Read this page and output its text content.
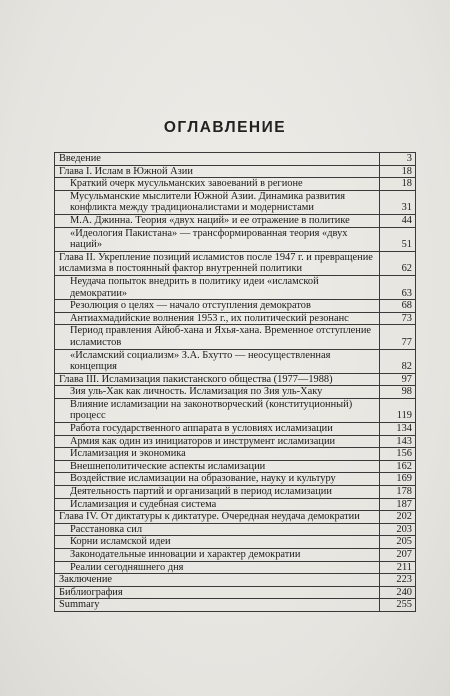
ОГЛАВЛЕНИЕ
Введение	3
Глава I. Ислам в Южной Азии	18
Краткий очерк мусульманских завоеваний в регионе	18
Мусульманские мыслители Южной Азии. Динамика развития конфликта между традиционалистами и модернистами	31
М.А. Джинна. Теория «двух наций» и ее отражение в политике	44
«Идеология Пакистана» — трансформированная теория «двух наций»	51
Глава II. Укрепление позиций исламистов после 1947 г. и превращение исламизма в постоянный фактор внутренней политики	62
Неудача попыток внедрить в политику идеи «исламской демократии»	63
Резолюция о целях — начало отступления демократов	68
Антиахмадийские волнения 1953 г., их политический резонанс	73
Период правления Айюб-хана и Яхья-хана. Временное отступление исламистов	77
«Исламский социализм» З.А. Бхутто — неосуществленная концепция	82
Глава III. Исламизация пакистанского общества (1977—1988)	97
Зия уль-Хак как личность. Исламизация по Зия уль-Хаку	98
Влияние исламизации на законотворческий (конституционный) процесс	119
Работа государственного аппарата в условиях исламизации	134
Армия как один из инициаторов и инструмент исламизации	143
Исламизация и экономика	156
Внешнеполитические аспекты исламизации	162
Воздействие исламизации на образование, науку и культуру	169
Деятельность партий и организаций в период исламизации	178
Исламизация и судебная система	187
Глава IV. От диктатуры к диктатуре. Очередная неудача демократии	202
Расстановка сил	203
Корни исламской идеи	205
Законодательные инновации и характер демократии	207
Реалии сегодняшнего дня	211
Заключение	223
Библиография	240
Summary	255
